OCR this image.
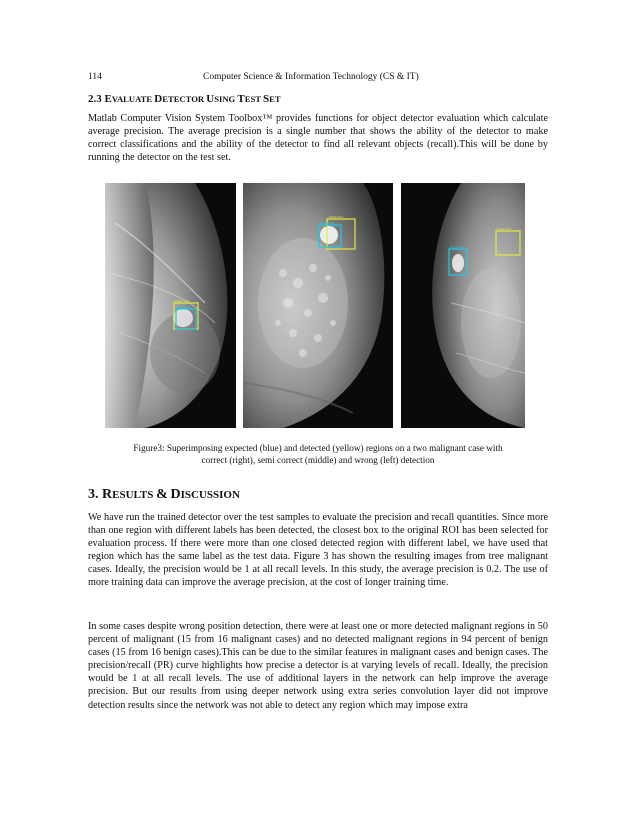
114	Computer Science & Information Technology (CS & IT)
2.3 EVALUATE DETECTOR USING TEST SET

Matlab Computer Vision System Toolbox™ provides functions for object detector evaluation which calculate average precision. The average precision is a single number that shows the ability of the detector to make correct classifications and the ability of the detector to find all relevant objects (recall).This will be done by running the detector on the test set.

Detected
Expected
Detected
Expected
Expected
Detected
Figure3: Superimposing expected (blue) and detected (yellow) regions on a two malignant case with
correct (right), semi correct (middle) and wrong (left) detection
3. RESULTS & DISCUSSION

We have run the trained detector over the test samples to evaluate the precision and recall quantities. Since more than one region with different labels has been detected, the closest box to the original ROI has been selected for evaluation process. If there were more than one closed detected region with different label, we have used that region which has the same label as the test data. Figure 3 has shown the resulting images from tree malignant cases. Ideally, the precision would be 1 at all recall levels. In this study, the average precision is 0.2. The use of more training data can improve the average precision, at the cost of longer training time.

In some cases despite wrong position detection, there were at least one or more detected malignant regions in 50 percent of malignant (15 from 16 malignant cases) and no detected malignant regions in 94 percent of benign cases (15 from 16 benign cases).This can be due to the similar features in malignant cases and benign cases. The precision/recall (PR) curve highlights how precise a detector is at varying levels of recall. Ideally, the precision would be 1 at all recall levels. The use of additional layers in the network can help improve the average precision. But our results from using deeper network using extra series convolution layer did not improve detection results since the network was not able to detect any region which may impose extra
